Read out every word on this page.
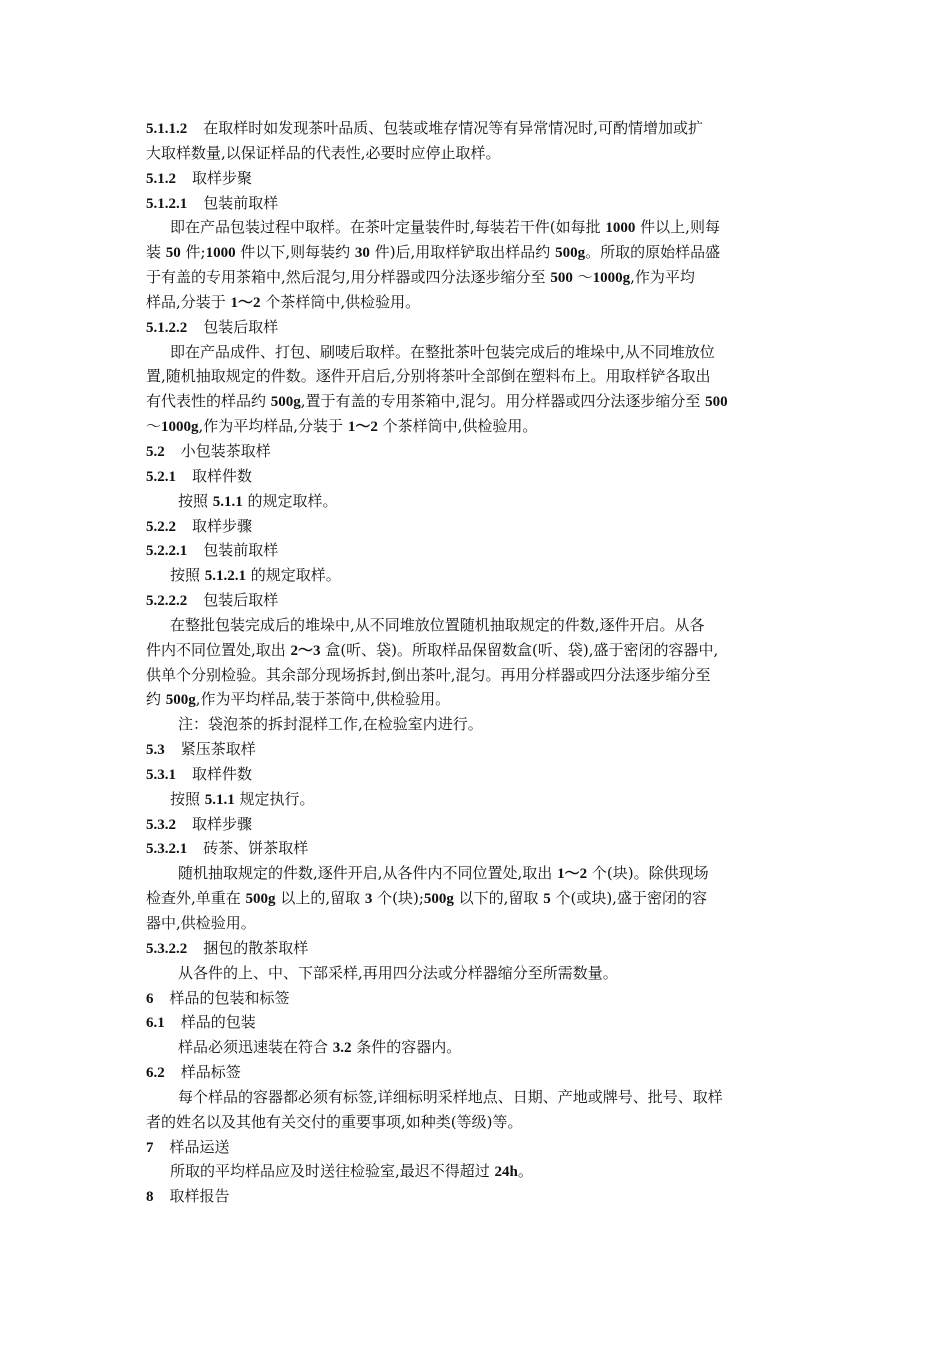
5.1.1.2 在取样时如发现茶叶品质、包装或堆存情况等有异常情况时,可酌情增加或扩
大取样数量,以保证样品的代表性,必要时应停止取样。
5.1.2 取样步聚
5.1.2.1 包装前取样
即在产品包装过程中取样。在茶叶定量装件时,每装若干件(如每批 1000 件以上,则每
装 50 件;1000 件以下,则每装约 30 件)后,用取样铲取出样品约 500g。所取的原始样品盛
于有盖的专用茶箱中,然后混匀,用分样器或四分法逐步缩分至 500 ～1000g,作为平均
样品,分装于 1～2 个茶样筒中,供检验用。
5.1.2.2 包装后取样
即在产品成件、打包、刷唛后取样。在整批茶叶包装完成后的堆垛中,从不同堆放位
置,随机抽取规定的件数。逐件开启后,分别将茶叶全部倒在塑料布上。用取样铲各取出
有代表性的样品约 500g,置于有盖的专用茶箱中,混匀。用分样器或四分法逐步缩分至 500
～1000g,作为平均样品,分装于 1～2 个茶样筒中,供检验用。
5.2 小包装茶取样
5.2.1 取样件数
按照 5.1.1 的规定取样。
5.2.2 取样步骤
5.2.2.1 包装前取样
按照 5.1.2.1 的规定取样。
5.2.2.2 包装后取样
在整批包装完成后的堆垛中,从不同堆放位置随机抽取规定的件数,逐件开启。从各
件内不同位置处,取出 2～3 盒(听、袋)。所取样品保留数盒(听、袋),盛于密闭的容器中,
供单个分别检验。其余部分现场拆封,倒出茶叶,混匀。再用分样器或四分法逐步缩分至
约 500g,作为平均样品,装于茶筒中,供检验用。
注：袋泡茶的拆封混样工作,在检验室内进行。
5.3 紧压茶取样
5.3.1 取样件数
按照 5.1.1 规定执行。
5.3.2 取样步骤
5.3.2.1 砖茶、饼茶取样
随机抽取规定的件数,逐件开启,从各件内不同位置处,取出 1～2 个(块)。除供现场
检查外,单重在 500g 以上的,留取 3 个(块);500g 以下的,留取 5 个(或块),盛于密闭的容
器中,供检验用。
5.3.2.2 捆包的散茶取样
从各件的上、中、下部采样,再用四分法或分样器缩分至所需数量。
6 样品的包装和标签
6.1 样品的包装
样品必须迅速装在符合 3.2 条件的容器内。
6.2 样品标签
每个样品的容器都必须有标签,详细标明采样地点、日期、产地或牌号、批号、取样
者的姓名以及其他有关交付的重要事项,如种类(等级)等。
7 样品运送
所取的平均样品应及时送往检验室,最迟不得超过 24h。
8 取样报告
